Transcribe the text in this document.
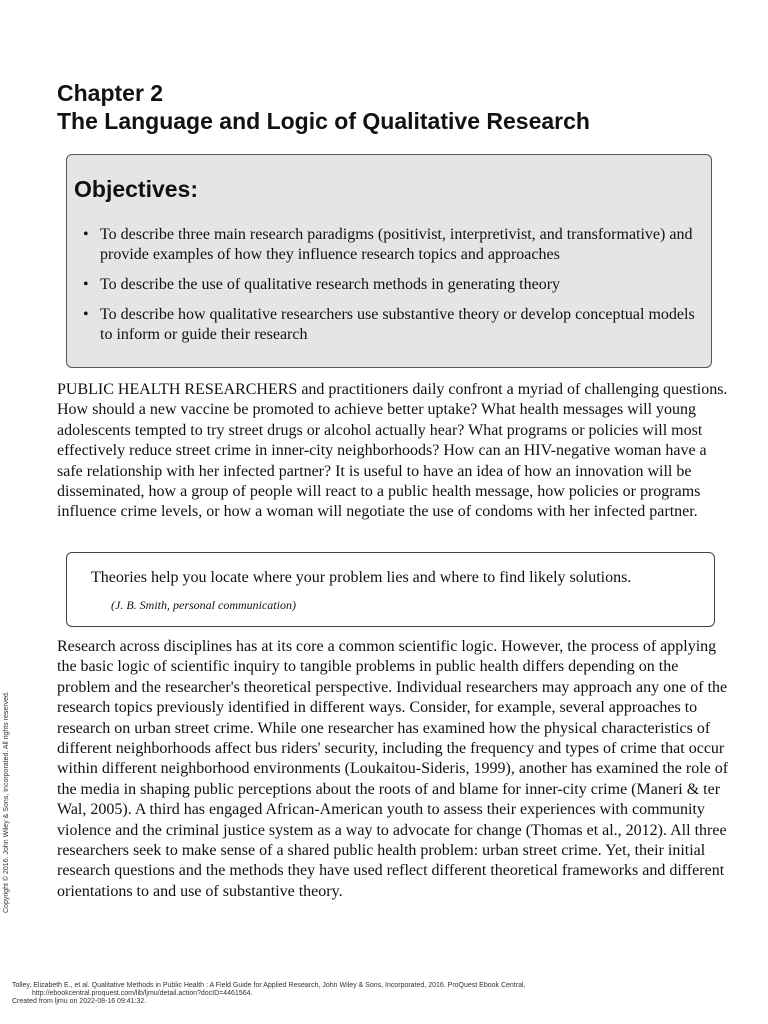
Chapter 2
The Language and Logic of Qualitative Research
Objectives:
• To describe three main research paradigms (positivist, interpretivist, and transformative) and provide examples of how they influence research topics and approaches
• To describe the use of qualitative research methods in generating theory
• To describe how qualitative researchers use substantive theory or develop conceptual models to inform or guide their research

PUBLIC HEALTH RESEARCHERS and practitioners daily confront a myriad of challenging questions. How should a new vaccine be promoted to achieve better uptake? What health messages will young adolescents tempted to try street drugs or alcohol actually hear? What programs or policies will most effectively reduce street crime in inner-city neighborhoods? How can an HIV-negative woman have a safe relationship with her infected partner? It is useful to have an idea of how an innovation will be disseminated, how a group of people will react to a public health message, how policies or programs influence crime levels, or how a woman will negotiate the use of condoms with her infected partner.

Theories help you locate where your problem lies and where to find likely solutions.
(J. B. Smith, personal communication)

Research across disciplines has at its core a common scientific logic. However, the process of applying the basic logic of scientific inquiry to tangible problems in public health differs depending on the problem and the researcher's theoretical perspective. Individual researchers may approach any one of the research topics previously identified in different ways. Consider, for example, several approaches to research on urban street crime. While one researcher has examined how the physical characteristics of different neighborhoods affect bus riders' security, including the frequency and types of crime that occur within different neighborhood environments (Loukaitou-Sideris, 1999), another has examined the role of the media in shaping public perceptions about the roots of and blame for inner-city crime (Maneri & ter Wal, 2005). A third has engaged African-American youth to assess their experiences with community violence and the criminal justice system as a way to advocate for change (Thomas et al., 2012). All three researchers seek to make sense of a shared public health problem: urban street crime. Yet, their initial research questions and the methods they have used reflect different theoretical frameworks and different orientations to and use of substantive theory.

Copyright © 2016. John Wiley & Sons, Incorporated. All rights reserved.
Tolley, Elizabeth E., et al. Qualitative Methods in Public Health : A Field Guide for Applied Research, John Wiley & Sons, Incorporated, 2016. ProQuest Ebook Central,
http://ebookcentral.proquest.com/lib/ljmu/detail.action?docID=4461564.
Created from ljmu on 2022-08-16 09:41:32.
